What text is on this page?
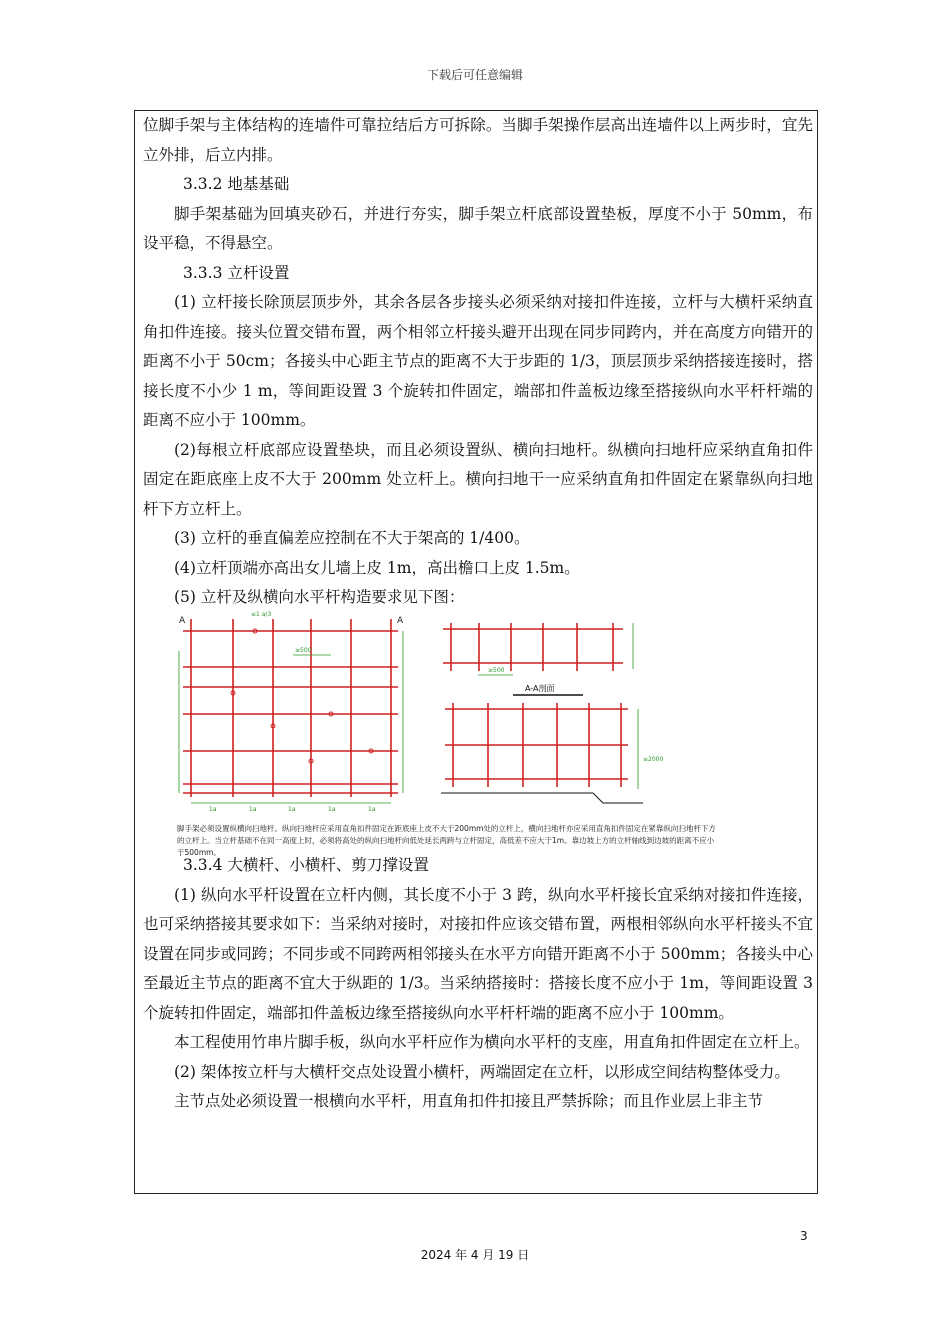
下载后可任意编辑

位脚手架与主体结构的连墙件可靠拉结后方可拆除。当脚手架操作层高出连墙件以上两步时，宜先立外排，后立内排。

3.3.2 地基基础

脚手架基础为回填夹砂石，并进行夯实，脚手架立杆底部设置垫板，厚度不小于 50mm，布设平稳，不得悬空。

3.3.3 立杆设置

(1) 立杆接长除顶层顶步外，其余各层各步接头必须采纳对接扣件连接，立杆与大横杆采纳直角扣件连接。接头位置交错布置，两个相邻立杆接头避开出现在同步同跨内，并在高度方向错开的距离不小于 50cm；各接头中心距主节点的距离不大于步距的 1/3，顶层顶步采纳搭接连接时，搭接长度不小少 1 m，等间距设置 3 个旋转扣件固定，端部扣件盖板边缘至搭接纵向水平杆杆端的距离不应小于 100mm。

(2)每根立杆底部应设置垫块，而且必须设置纵、横向扫地杆。纵横向扫地杆应采纳直角扣件固定在距底座上皮不大于 200mm 处立杆上。横向扫地干一应采纳直角扣件固定在紧靠纵向扫地杆下方立杆上。

(3) 立杆的垂直偏差应控制在不大于架高的 1/400。

(4)立杆顶端亦高出女儿墙上皮 1m，高出檐口上皮 1.5m。

(5) 立杆及纵横向水平杆构造要求见下图：

A	A
≥500
≤1 a/3
1a	1a	1a	1a	1a
≥500
A-A剖面
≤2000
脚手架必须设置纵横向扫地杆。纵向扫地杆应采用直角扣件固定在距底座上皮不大于200mm处的立杆上，横向扫地杆亦应采用直角扣件固定在紧靠纵向扫地杆下方的立杆上。当立杆基础不在同一高度上时，必须将高处的纵向扫地杆向低处延长两跨与立杆固定，高低差不应大于1m。靠边坡上方的立杆轴线到边坡的距离不应小于500mm。

3.3.4 大横杆、小横杆、剪刀撑设置

(1) 纵向水平杆设置在立杆内侧，其长度不小于 3 跨，纵向水平杆接长宜采纳对接扣件连接，也可采纳搭接其要求如下：当采纳对接时，对接扣件应该交错布置，两根相邻纵向水平杆接头不宜设置在同步或同跨；不同步或不同跨两相邻接头在水平方向错开距离不小于 500mm；各接头中心至最近主节点的距离不宜大于纵距的 1/3。当采纳搭接时：搭接长度不应小于 1m，等间距设置 3 个旋转扣件固定，端部扣件盖板边缘至搭接纵向水平杆杆端的距离不应小于 100mm。

本工程使用竹串片脚手板，纵向水平杆应作为横向水平杆的支座，用直角扣件固定在立杆上。

(2) 架体按立杆与大横杆交点处设置小横杆，两端固定在立杆，以形成空间结构整体受力。

主节点处必须设置一根横向水平杆，用直角扣件扣接且严禁拆除；而且作业层上非主节

3
2024 年 4 月 19 日
